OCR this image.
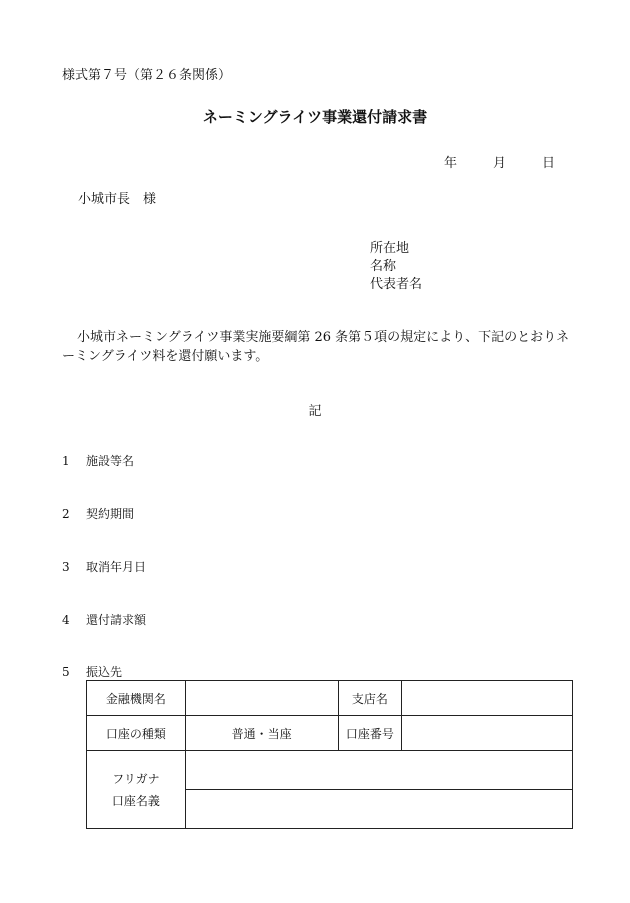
様式第７号（第２６条関係）
ネーミングライツ事業還付請求書
年	月	日
小城市長　様
所在地
名称
代表者名
小城市ネーミングライツ事業実施要綱第 26 条第５項の規定により、下記のとおりネーミングライツ料を還付願います。
記
1 施設等名
2 契約期間
3 取消年月日
4 還付請求額
5 振込先
金融機関名		支店名	
口座の種類	普通・当座	口座番号	

フリガナ
口座名義			
